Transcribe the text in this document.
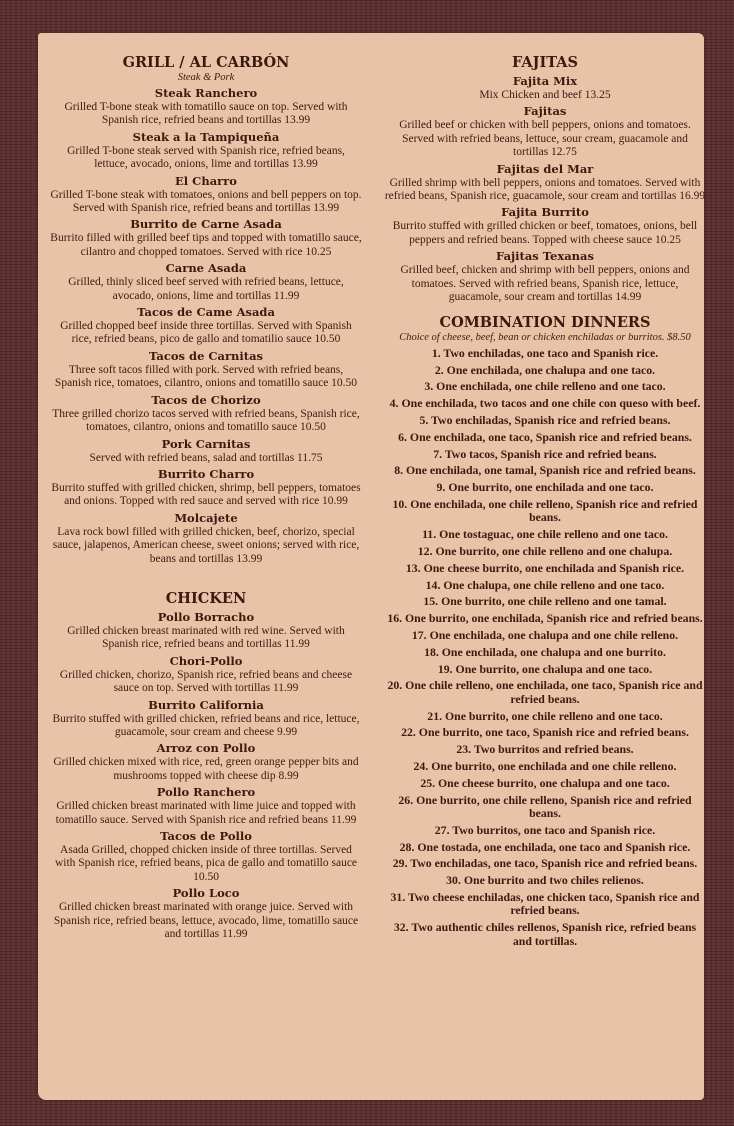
GRILL / AL CARBÓN
Steak & Pork
Steak Ranchero
Grilled T-bone steak with tomatillo sauce on top. Served with Spanish rice, refried beans and tortillas 13.99
Steak a la Tampiqueña
Grilled T-bone steak served with Spanish rice, refried beans, lettuce, avocado, onions, lime and tortillas 13.99
El Charro
Grilled T-bone steak with tomatoes, onions and bell peppers on top. Served with Spanish rice, refried beans and tortillas 13.99
Burrito de Carne Asada
Burrito filled with grilled beef tips and topped with tomatillo sauce, cilantro and chopped tomatoes. Served with rice 10.25
Carne Asada
Grilled, thinly sliced beef served with refried beans, lettuce, avocado, onions, lime and tortillas 11.99
Tacos de Came Asada
Grilled chopped beef inside three tortillas. Served with Spanish rice, refried beans, pico de gallo and tomatilio sauce 10.50
Tacos de Carnitas
Three soft tacos filled with pork. Served with refried beans, Spanish rice, tomatoes, cilantro, onions and tomatillo sauce 10.50
Tacos de Chorizo
Three grilled chorizo tacos served with refried beans, Spanish rice, tomatoes, cilantro, onions and tomatillo sauce 10.50
Pork Carnitas
Served with refried beans, salad and tortillas 11.75
Burrito Charro
Burrito stuffed with grilled chicken, shrimp, bell peppers, tomatoes and onions. Topped with red sauce and served with rice 10.99
Molcajete
Lava rock bowl filled with grilled chicken, beef, chorizo, special sauce, jalapenos, American cheese, sweet onions; served with rice, beans and tortillas 13.99
CHICKEN
Pollo Borracho
Grilled chicken breast marinated with red wine. Served with Spanish rice, refried beans and tortillas 11.99
Chori-Pollo
Grilled chicken, chorizo, Spanish rice, refried beans and cheese sauce on top. Served with tortillas 11.99
Burrito California
Burrito stuffed with grilled chicken, refried beans and rice, lettuce, guacamole, sour cream and cheese 9.99
Arroz con Pollo
Grilled chicken mixed with rice, red, green orange pepper bits and mushrooms topped with cheese dip 8.99
Pollo Ranchero
Grilled chicken breast marinated with lime juice and topped with tomatillo sauce. Served with Spanish rice and refried beans 11.99
Tacos de Pollo
Asada Grilled, chopped chicken inside of three tortillas. Served with Spanish rice, refried beans, pica de gallo and tomatillo sauce 10.50
Pollo Loco
Grilled chicken breast marinated with orange juice. Served with Spanish rice, refried beans, lettuce, avocado, lime, tomatillo sauce and tortillas 11.99
FAJITAS
Fajita Mix
Mix Chicken and beef 13.25
Fajitas
Grilled beef or chicken with bell peppers, onions and tomatoes. Served with refried beans, lettuce, sour cream, guacamole and tortillas 12.75
Fajitas del Mar
Grilled shrimp with bell peppers, onions and tomatoes. Served with refried beans, Spanish rice, guacamole, sour cream and tortillas 16.99
Fajita Burrito
Burrito stuffed with grilled chicken or beef, tomatoes, onions, bell peppers and refried beans. Topped with cheese sauce 10.25
Fajitas Texanas
Grilled beef, chicken and shrimp with bell peppers, onions and tomatoes. Served with refried beans, Spanish rice, lettuce, guacamole, sour cream and tortillas 14.99
COMBINATION DINNERS
Choice of cheese, beef, bean or chicken enchiladas or burritos. $8.50
1. Two enchiladas, one taco and Spanish rice.
2. One enchilada, one chalupa and one taco.
3. One enchilada, one chile relleno and one taco.
4. One enchilada, two tacos and one chile con queso with beef.
5. Two enchiladas, Spanish rice and refried beans.
6. One enchilada, one taco, Spanish rice and refried beans.
7. Two tacos, Spanish rice and refried beans.
8. One enchilada, one tamal, Spanish rice and refried beans.
9. One burrito, one enchilada and one taco.
10. One enchilada, one chile relleno, Spanish rice and refried beans.
11. One tostaguac, one chile relleno and one taco.
12. One burrito, one chile relleno and one chalupa.
13. One cheese burrito, one enchilada and Spanish rice.
14. One chalupa, one chile relleno and one taco.
15. One burrito, one chile relleno and one tamal.
16. One burrito, one enchilada, Spanish rice and refried beans.
17. One enchilada, one chalupa and one chile relleno.
18. One enchilada, one chalupa and one burrito.
19. One burrito, one chalupa and one taco.
20. One chile relleno, one enchilada, one taco, Spanish rice and refried beans.
21. One burrito, one chile relleno and one taco.
22. One burrito, one taco, Spanish rice and refried beans.
23. Two burritos and refried beans.
24. One burrito, one enchilada and one chile relleno.
25. One cheese burrito, one chalupa and one taco.
26. One burrito, one chile relleno, Spanish rice and refried beans.
27. Two burritos, one taco and Spanish rice.
28. One tostada, one enchilada, one taco and Spanish rice.
29. Two enchiladas, one taco, Spanish rice and refried beans.
30. One burrito and two chiles relienos.
31. Two cheese enchiladas, one chicken taco, Spanish rice and refried beans.
32. Two authentic chiles rellenos, Spanish rice, refried beans and tortillas.
